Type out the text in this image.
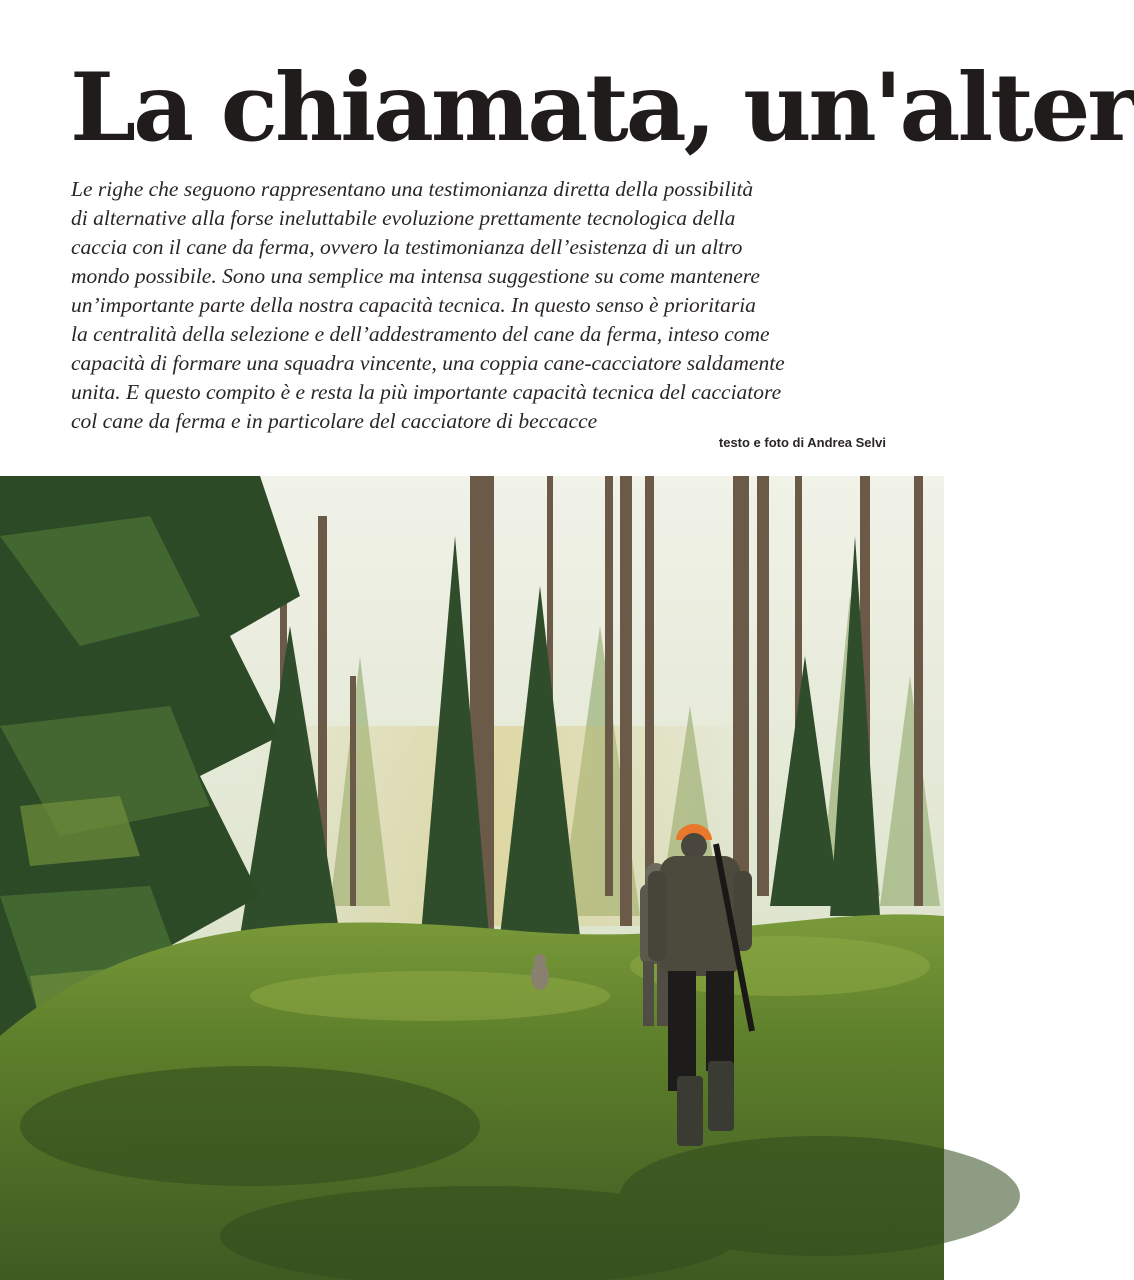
La chiamata, un'alter

Le righe che seguono rappresentano una testimonianza diretta della possibilità
di alternative alla forse ineluttabile evoluzione prettamente tecnologica della
caccia con il cane da ferma, ovvero la testimonianza dell’esistenza di un altro
mondo possibile. Sono una semplice ma intensa suggestione su come mantenere
un’importante parte della nostra capacità tecnica. In questo senso è prioritaria
la centralità della selezione e dell’addestramento del cane da ferma, inteso come
capacità di formare una squadra vincente, una coppia cane-cacciatore saldamente
unita. E questo compito è e resta la più importante capacità tecnica del cacciatore
col cane da ferma e in particolare del cacciatore di beccacce

testo e foto di Andrea Selvi
